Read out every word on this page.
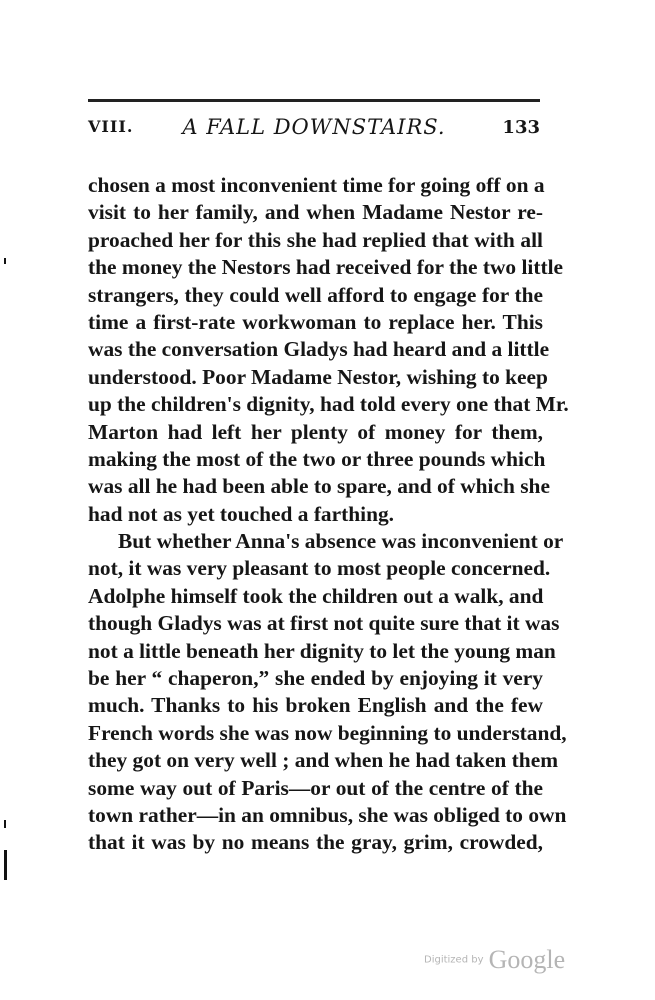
VIII.	A FALL DOWNSTAIRS.	133
chosen a most inconvenient time for going off on a
visit to her family, and when Madame Nestor re-
proached her for this she had replied that with all
the money the Nestors had received for the two little
strangers, they could well afford to engage for the
time a first-rate workwoman to replace her. This
was the conversation Gladys had heard and a little
understood. Poor Madame Nestor, wishing to keep
up the children's dignity, had told every one that Mr.
Marton had left her plenty of money for them,
making the most of the two or three pounds which
was all he had been able to spare, and of which she
had not as yet touched a farthing.
But whether Anna's absence was inconvenient or
not, it was very pleasant to most people concerned.
Adolphe himself took the children out a walk, and
though Gladys was at first not quite sure that it was
not a little beneath her dignity to let the young man
be her “ chaperon,” she ended by enjoying it very
much. Thanks to his broken English and the few
French words she was now beginning to understand,
they got on very well ; and when he had taken them
some way out of Paris—or out of the centre of the
town rather—in an omnibus, she was obliged to own
that it was by no means the gray, grim, crowded,
Digitized by Google
